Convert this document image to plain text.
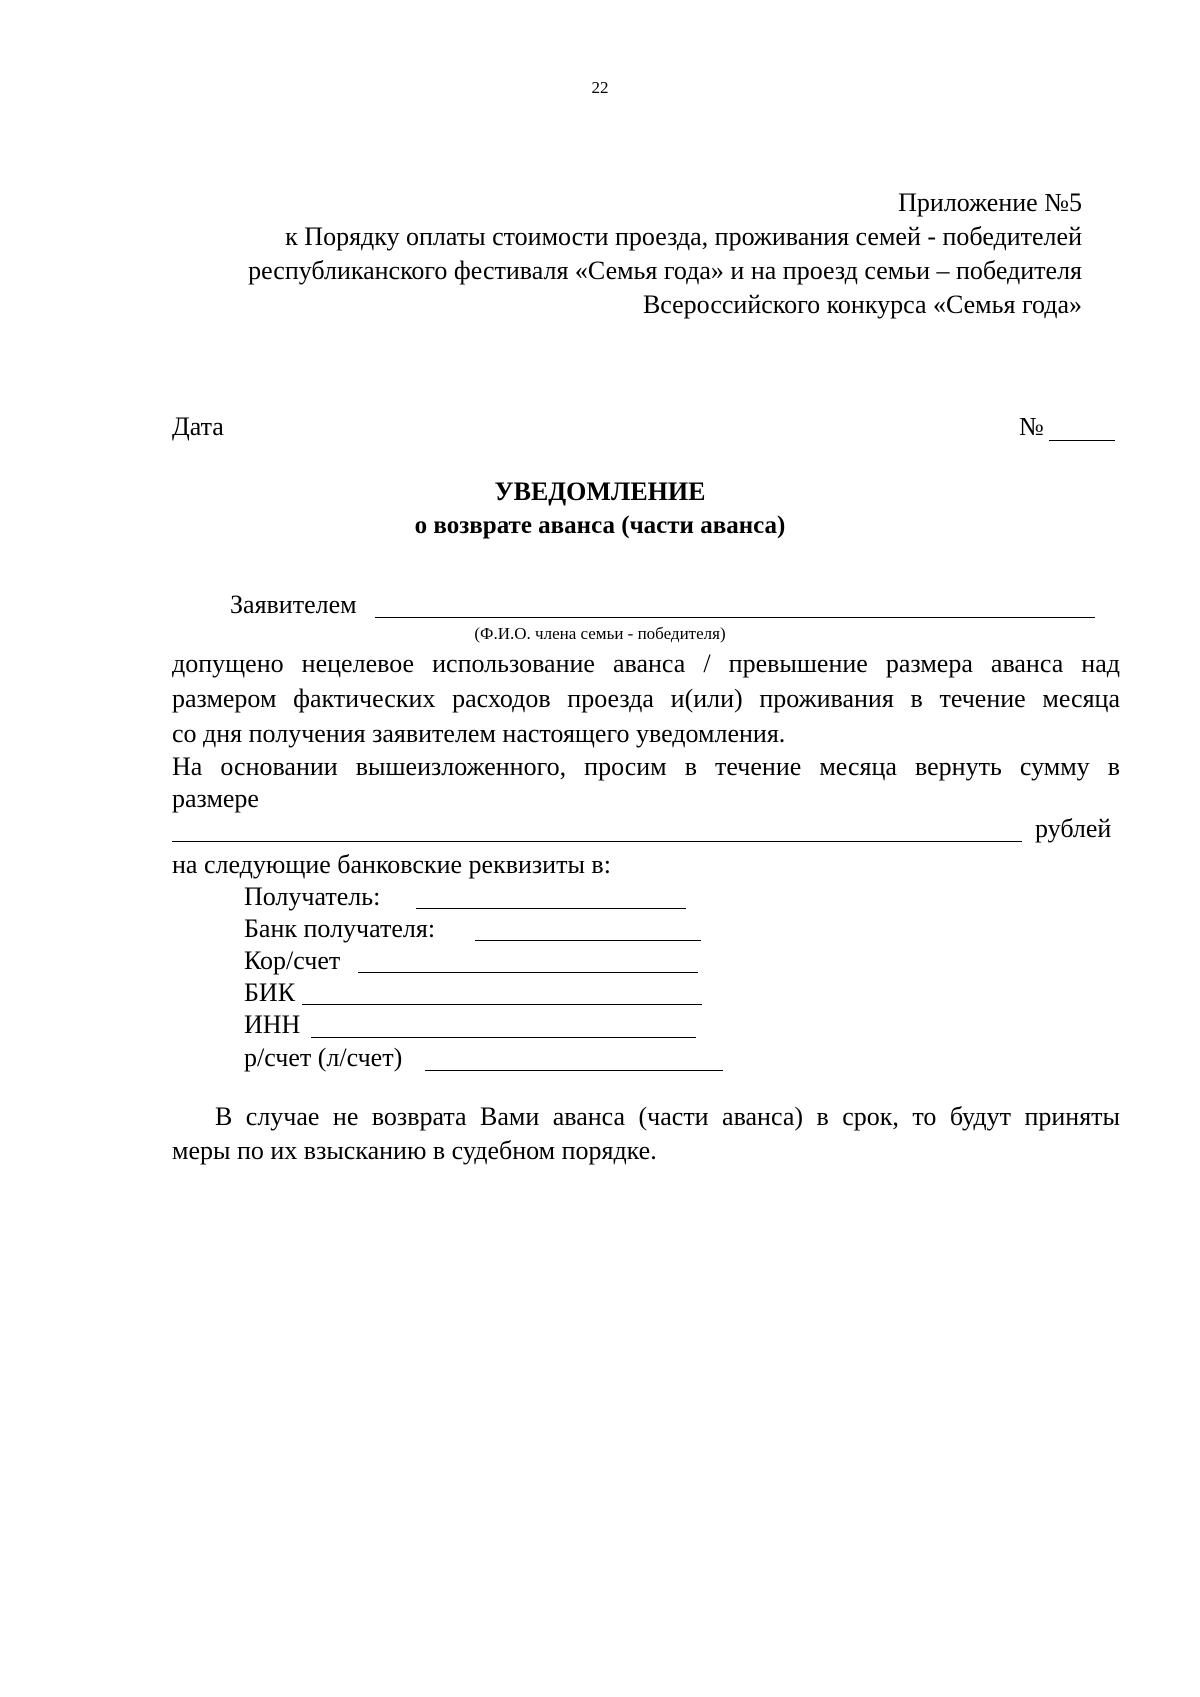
22
Приложение №5
к Порядку оплаты стоимости проезда, проживания семей - победителей
республиканского фестиваля «Семья года» и на проезд семьи – победителя
Всероссийского конкурса «Семья года»
Дата	№
УВЕДОМЛЕНИЕ
о возврате аванса (части аванса)
Заявителем
(Ф.И.О. члена семьи - победителя)
допущено нецелевое использование аванса / превышение размера аванса над
размером фактических расходов проезда и(или) проживания в течение месяца
со дня получения заявителем настоящего уведомления.
На основании вышеизложенного, просим в течение месяца вернуть сумму в
размере
рублей
на следующие банковские реквизиты в:
Получатель:
Банк получателя:
Кор/счет
БИК
ИНН
р/счет (л/счет)
В случае не возврата Вами аванса (части аванса) в срок, то будут приняты
меры по их взысканию в судебном порядке.
